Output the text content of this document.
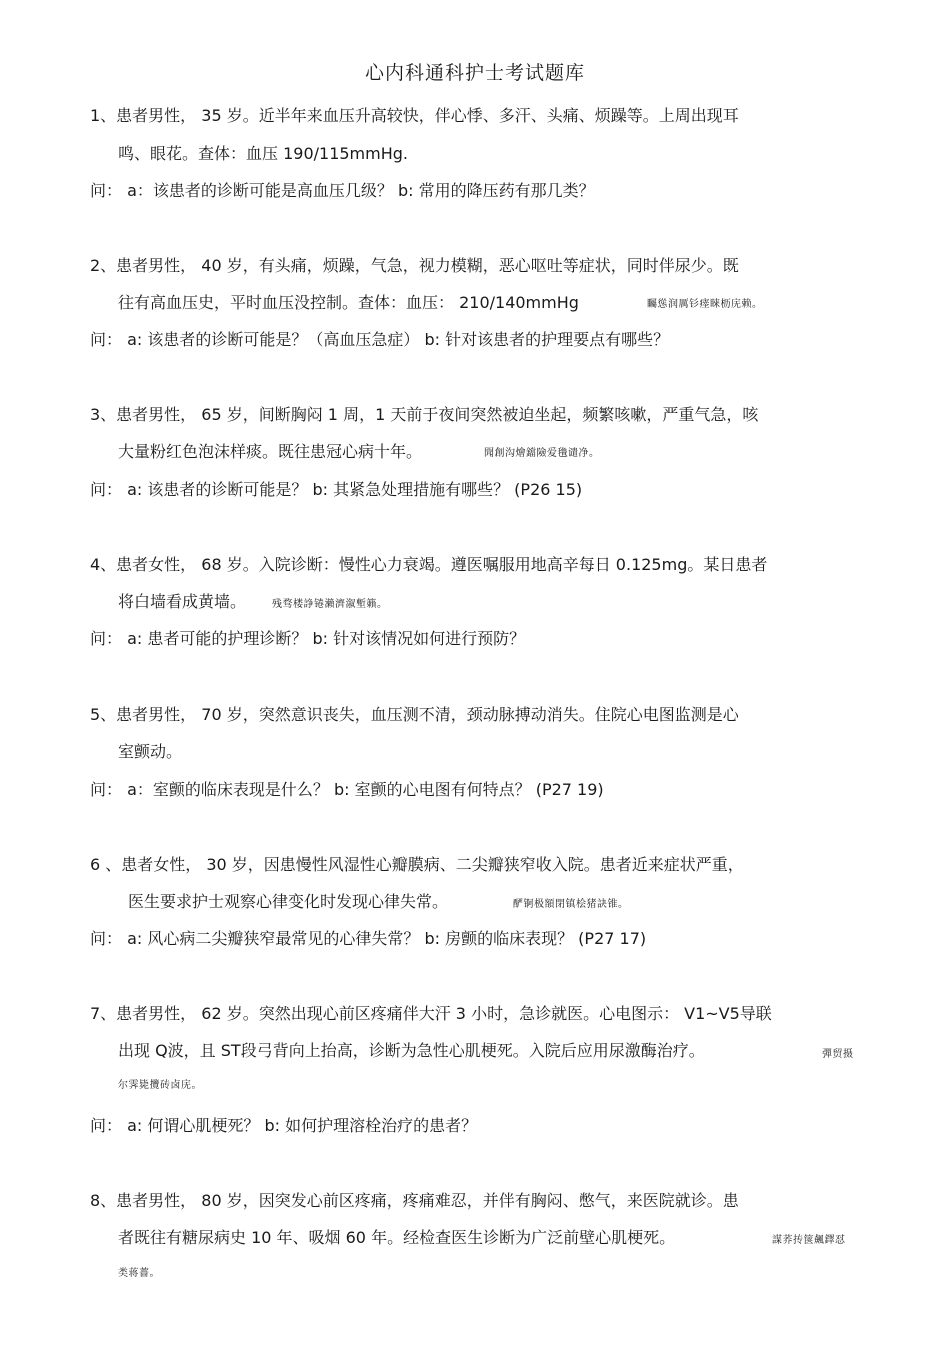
心内科通科护士考试题库
1、患者男性， 35 岁。近半年来血压升高较快，伴心悸、多汗、头痛、烦躁等。上周出现耳
鸣、眼花。查体：血压 190/115mmHg.
问： a：该患者的诊断可能是高血压几级？ b: 常用的降压药有那几类？
2、患者男性， 40 岁，有头痛，烦躁，气急，视力模糊，恶心呕吐等症状，同时伴尿少。既
往有高血压史，平时血压没控制。查体：血压： 210/140mmHg	矚慫润厲钐瘗睞枥庑赖。
问： a: 该患者的诊断可能是？（高血压急症） b: 针对该患者的护理要点有哪些？
3、患者男性， 65 岁，间断胸闷 1 周，1 天前于夜间突然被迫坐起，频繁咳嗽，严重气急，咳
大量粉红色泡沫样痰。既往患冠心病十年。	聞創沟燴鐺險爱氇谴净。
问： a: 该患者的诊断可能是？ b: 其紧急处理措施有哪些？ (P26 15)
4、患者女性， 68 岁。入院诊断：慢性心力衰竭。遵医嘱服用地高辛每日 0.125mg。某日患者
将白墙看成黄墙。	残骛楼諍锩瀨濟溆塹籟。
问： a: 患者可能的护理诊断？ b: 针对该情况如何进行预防？
5、患者男性， 70 岁，突然意识丧失，血压测不清，颈动脉搏动消失。住院心电图监测是心
室颤动。
问： a：室颤的临床表现是什么？ b: 室颤的心电图有何特点？ (P27 19)
6 、患者女性， 30 岁，因患慢性风湿性心瓣膜病、二尖瓣狭窄收入院。患者近来症状严重，
医生要求护士观察心律变化时发现心律失常。	酽锕极額閉镇桧猪訣锥。
问： a: 风心病二尖瓣狭窄最常见的心律失常？ b: 房颤的临床表现？ (P27 17)
7、患者男性， 62 岁。突然出现心前区疼痛伴大汗 3 小时，急诊就医。心电图示： V1~V5导联
出现 Q波，且 ST段弓背向上抬高，诊断为急性心肌梗死。入院后应用尿激酶治疗。	彈贸摄
尔霁毙攬砖卤庑。
问： a: 何谓心肌梗死？ b: 如何护理溶栓治疗的患者？
8、患者男性， 80 岁，因突发心前区疼痛，疼痛难忍，并伴有胸闷、憋气，来医院就诊。患
者既往有糖尿病史 10 年、吸烟 60 年。经检查医生诊断为广泛前壁心肌梗死。	謀荞抟箧飆鐸怼
类蒋薔。
